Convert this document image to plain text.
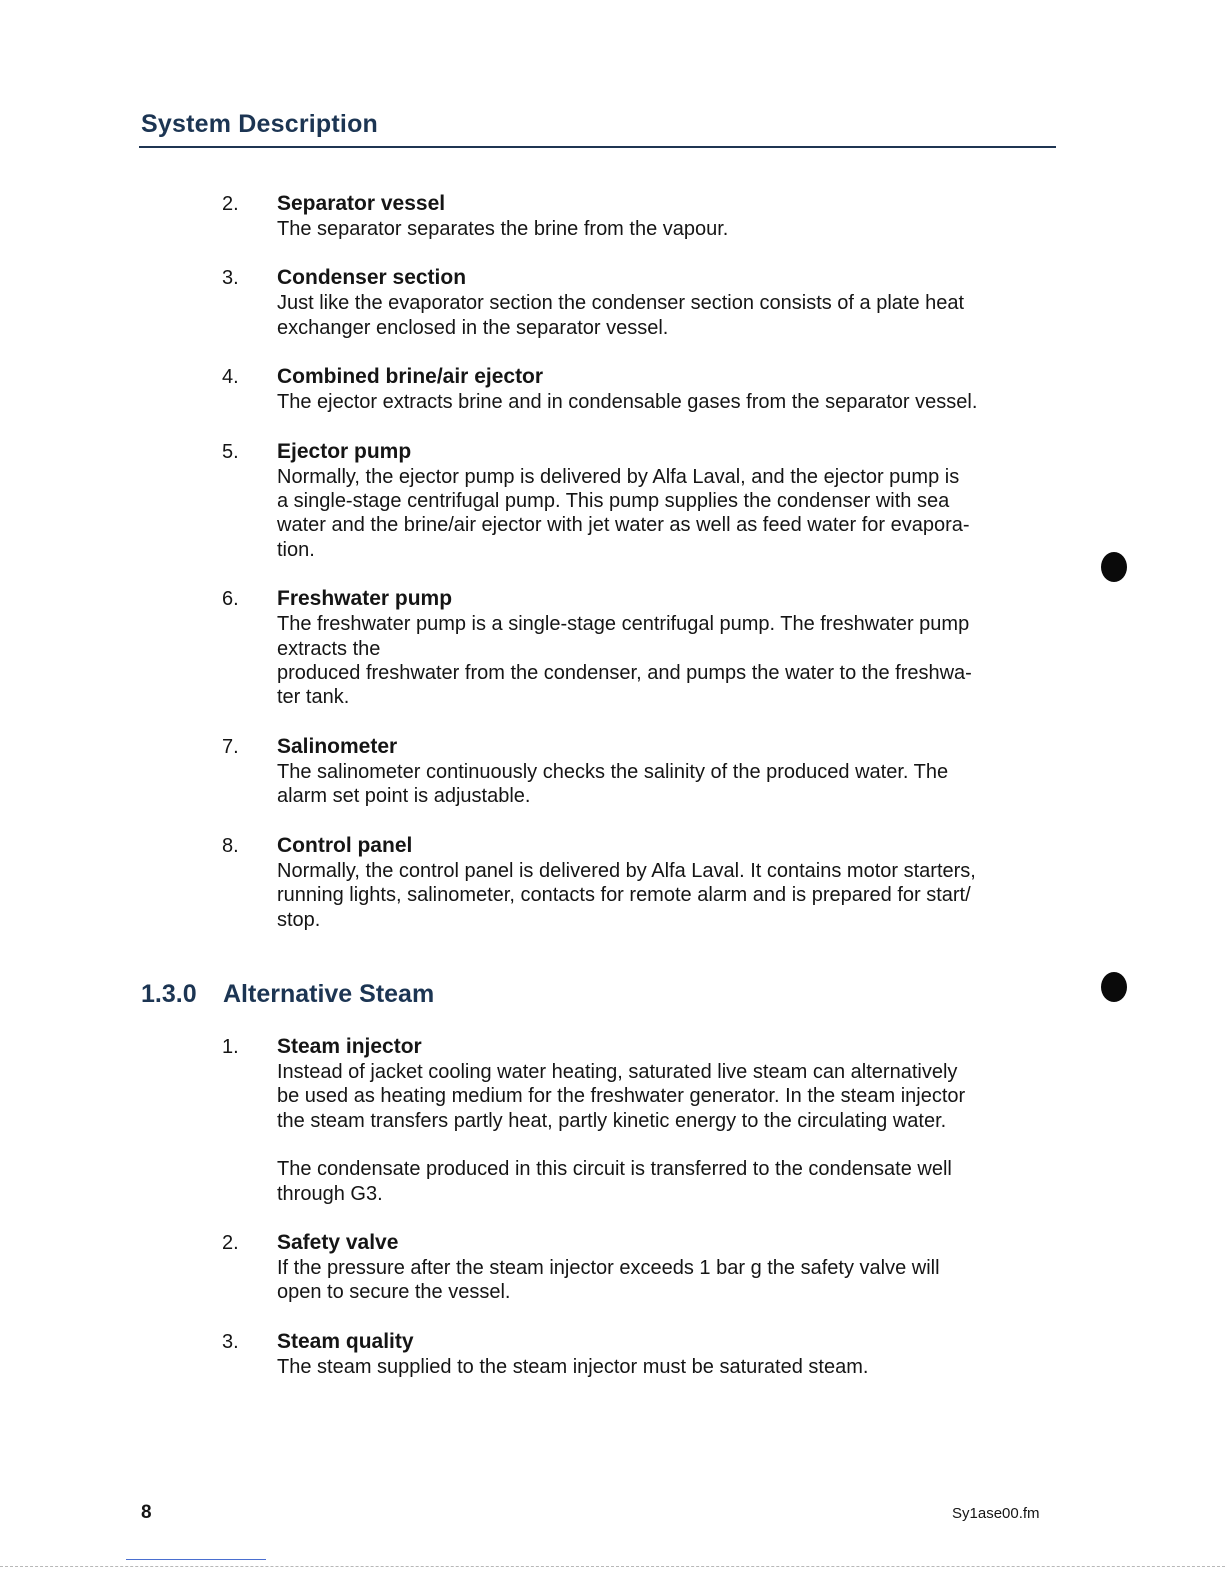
System Description
2. Separator vessel
The separator separates the brine from the vapour.
3. Condenser section
Just like the evaporator section the condenser section consists of a plate heat
exchanger enclosed in the separator vessel.
4. Combined brine/air ejector
The ejector extracts brine and in condensable gases from the separator vessel.
5. Ejector pump
Normally, the ejector pump is delivered by Alfa Laval, and the ejector pump is
a single-stage centrifugal pump. This pump supplies the condenser with sea
water and the brine/air ejector with jet water as well as feed water for evapora-
tion.
6. Freshwater pump
The freshwater pump is a single-stage centrifugal pump. The freshwater pump
extracts the
produced freshwater from the condenser, and pumps the water to the freshwa-
ter tank.
7. Salinometer
The salinometer continuously checks the salinity of the produced water. The
alarm set point is adjustable.
8. Control panel
Normally, the control panel is delivered by Alfa Laval. It contains motor starters,
running lights, salinometer, contacts for remote alarm and is prepared for start/
stop.
1.3.0 Alternative Steam
1. Steam injector
Instead of jacket cooling water heating, saturated live steam can alternatively
be used as heating medium for the freshwater generator. In the steam injector
the steam transfers partly heat, partly kinetic energy to the circulating water.
The condensate produced in this circuit is transferred to the condensate well
through G3.
2. Safety valve
If the pressure after the steam injector exceeds 1 bar g the safety valve will
open to secure the vessel.
3. Steam quality
The steam supplied to the steam injector must be saturated steam.
8	Sy1ase00.fm
